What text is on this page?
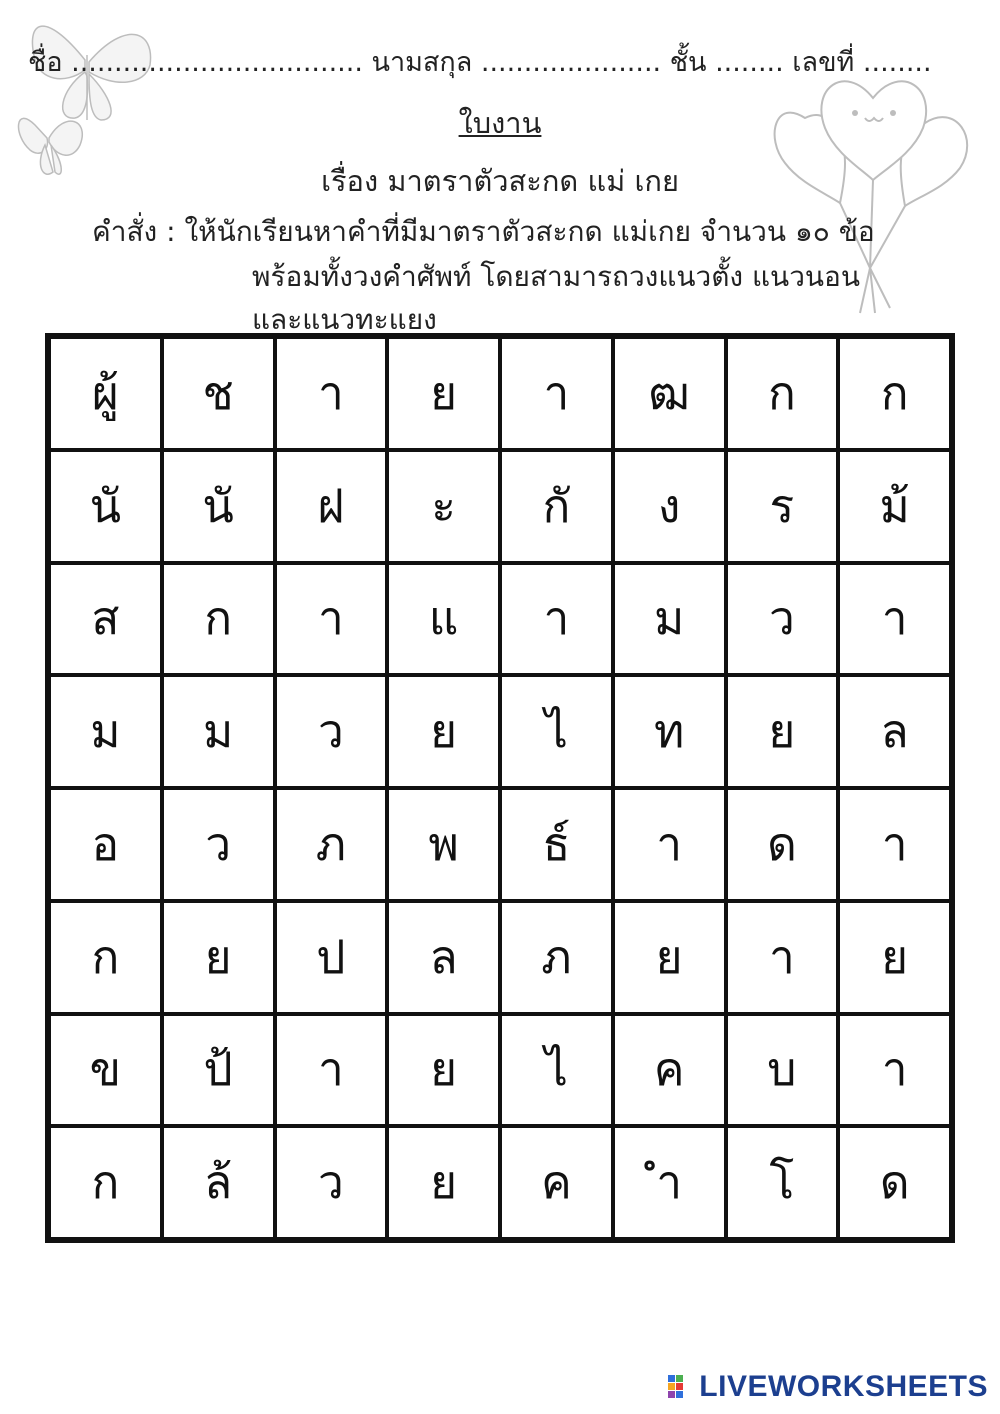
ชื่อ .................................. นามสกุล ..................... ชั้น ........ เลขที่ ........
ใบงาน
เรื่อง มาตราตัวสะกด แม่ เกย
คำสั่ง : ให้นักเรียนหาคำที่มีมาตราตัวสะกด แม่เกย จำนวน ๑๐ ข้อ
พร้อมทั้งวงคำศัพท์ โดยสามารถวงแนวตั้ง แนวนอน
และแนวทะแยง
ผู้	ช	า	ย	า	ฒ	ก	ก
นั	นั	ฝ	ะ	กั	ง	ร	ม้
ส	ก	า	แ	า	ม	ว	า
ม	ม	ว	ย	ไ	ท	ย	ล
อ	ว	ภ	พ	ธ์	า	ด	า
ก	ย	ป	ล	ภ	ย	า	ย
ข	ป้	า	ย	ไ	ค	บ	า
ก	ล้	ว	ย	ค	ำ	โ	ด
LIVEWORKSHEETS
